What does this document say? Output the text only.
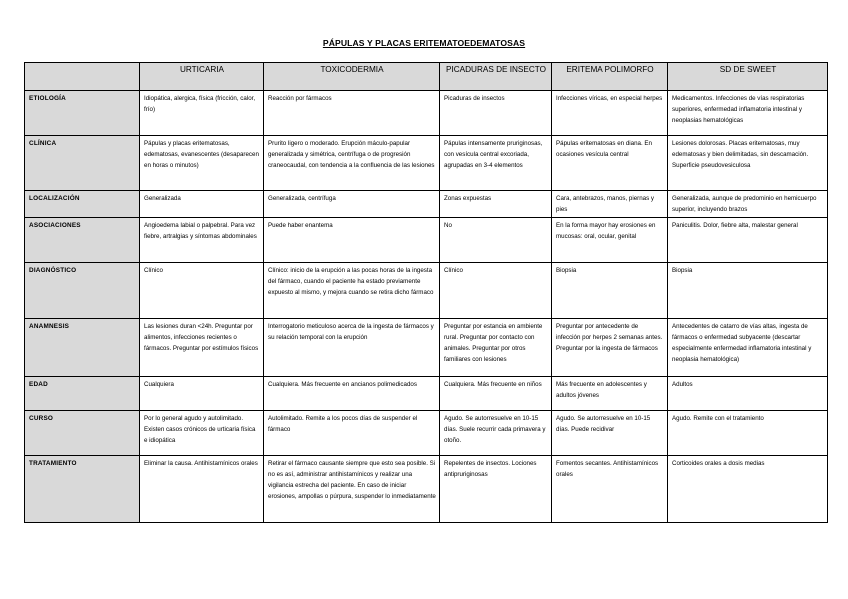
PÁPULAS Y PLACAS ERITEMATOEDEMATOSAS
	URTICARIA	TOXICODERMIA	PICADURAS DE INSECTO	ERITEMA POLIMORFO	SD DE SWEET
ETIOLOGÍA	Idiopática, alergica, física (fricción, calor, frío)	Reacción por fármacos	Picaduras de insectos	Infecciones víricas, en especial herpes	Medicamentos. Infecciones de vías respiratorias superiores, enfermedad inflamatoria intestinal y neoplasias hematológicas
CLÍNICA	Pápulas y placas eritematosas, edematosas, evanescentes (desaparecen en horas o minutos)	Prurito ligero o moderado. Erupción máculo-papular generalizada y simétrica, centrífuga o de progresión craneocaudal, con tendencia a la confluencia de las lesiones	Pápulas intensamente pruriginosas, con vesícula central excoriada, agrupadas en 3-4 elementos	Pápulas eritematosas en diana. En ocasiones vesícula central	Lesiones dolorosas. Placas eritematosas, muy edematosas y bien delimitadas, sin descamación. Superficie pseudovesiculosa
LOCALIZACIÓN	Generalizada	Generalizada, centrífuga	Zonas expuestas	Cara, antebrazos, manos, piernas y pies	Generalizada, aunque de predominio en hemicuerpo superior, incluyendo brazos
ASOCIACIONES	Angioedema labial o palpebral. Para vez fiebre, artralgias y síntomas abdominales	Puede haber enantema	No	En la forma mayor hay erosiones en mucosas: oral, ocular, genital	Paniculitis. Dolor, fiebre alta, malestar general
DIAGNÓSTICO	Clínico	Clínico: inicio de la erupción a las pocas horas de la ingesta del fármaco, cuando el paciente ha estado previamente expuesto al mismo, y mejora cuando se retira dicho fármaco	Clínico	Biopsia	Biopsia
ANAMNESIS	Las lesiones duran <24h. Preguntar por alimentos, infecciones recientes o fármacos. Preguntar por estímulos físicos	Interrogatorio meticuloso acerca de la ingesta de fármacos y su relación temporal con la erupción	Preguntar por estancia en ambiente rural. Preguntar por contacto con animales. Preguntar por otros familiares con lesiones	Preguntar por antecedente de infección por herpes 2 semanas antes. Preguntar por la ingesta de fármacos	Antecedentes de catarro de vías altas, ingesta de fármacos o enfermedad subyacente (descartar especialmente enfermedad inflamatoria intestinal y neoplasia hematológica)
EDAD	Cualquiera	Cualquiera. Más frecuente en ancianos polimedicados	Cualquiera. Más frecuente en niños	Más frecuente en adolescentes y adultos jóvenes	Adultos
CURSO	Por lo general agudo y autolimitado. Existen casos crónicos de urticaria física e idiopática	Autolimitado. Remite a los pocos días de suspender el fármaco	Agudo. Se autorresuelve en 10-15 días. Suele recurrir cada primavera y otoño.	Agudo. Se autorresuelve en 10-15 días. Puede recidivar	Agudo. Remite con el tratamiento
TRATAMIENTO	Eliminar la causa. Antihistamínicos orales	Retirar el fármaco causante siempre que esto sea posible. Si no es así, administrar antihistamínicos y realizar una vigilancia estrecha del paciente. En caso de iniciar erosiones, ampollas o púrpura, suspender lo inmediatamente	Repelentes de insectos. Lociones antipruriginosas	Fomentos secantes. Antihistamínicos orales	Corticoides orales a dosis medias
